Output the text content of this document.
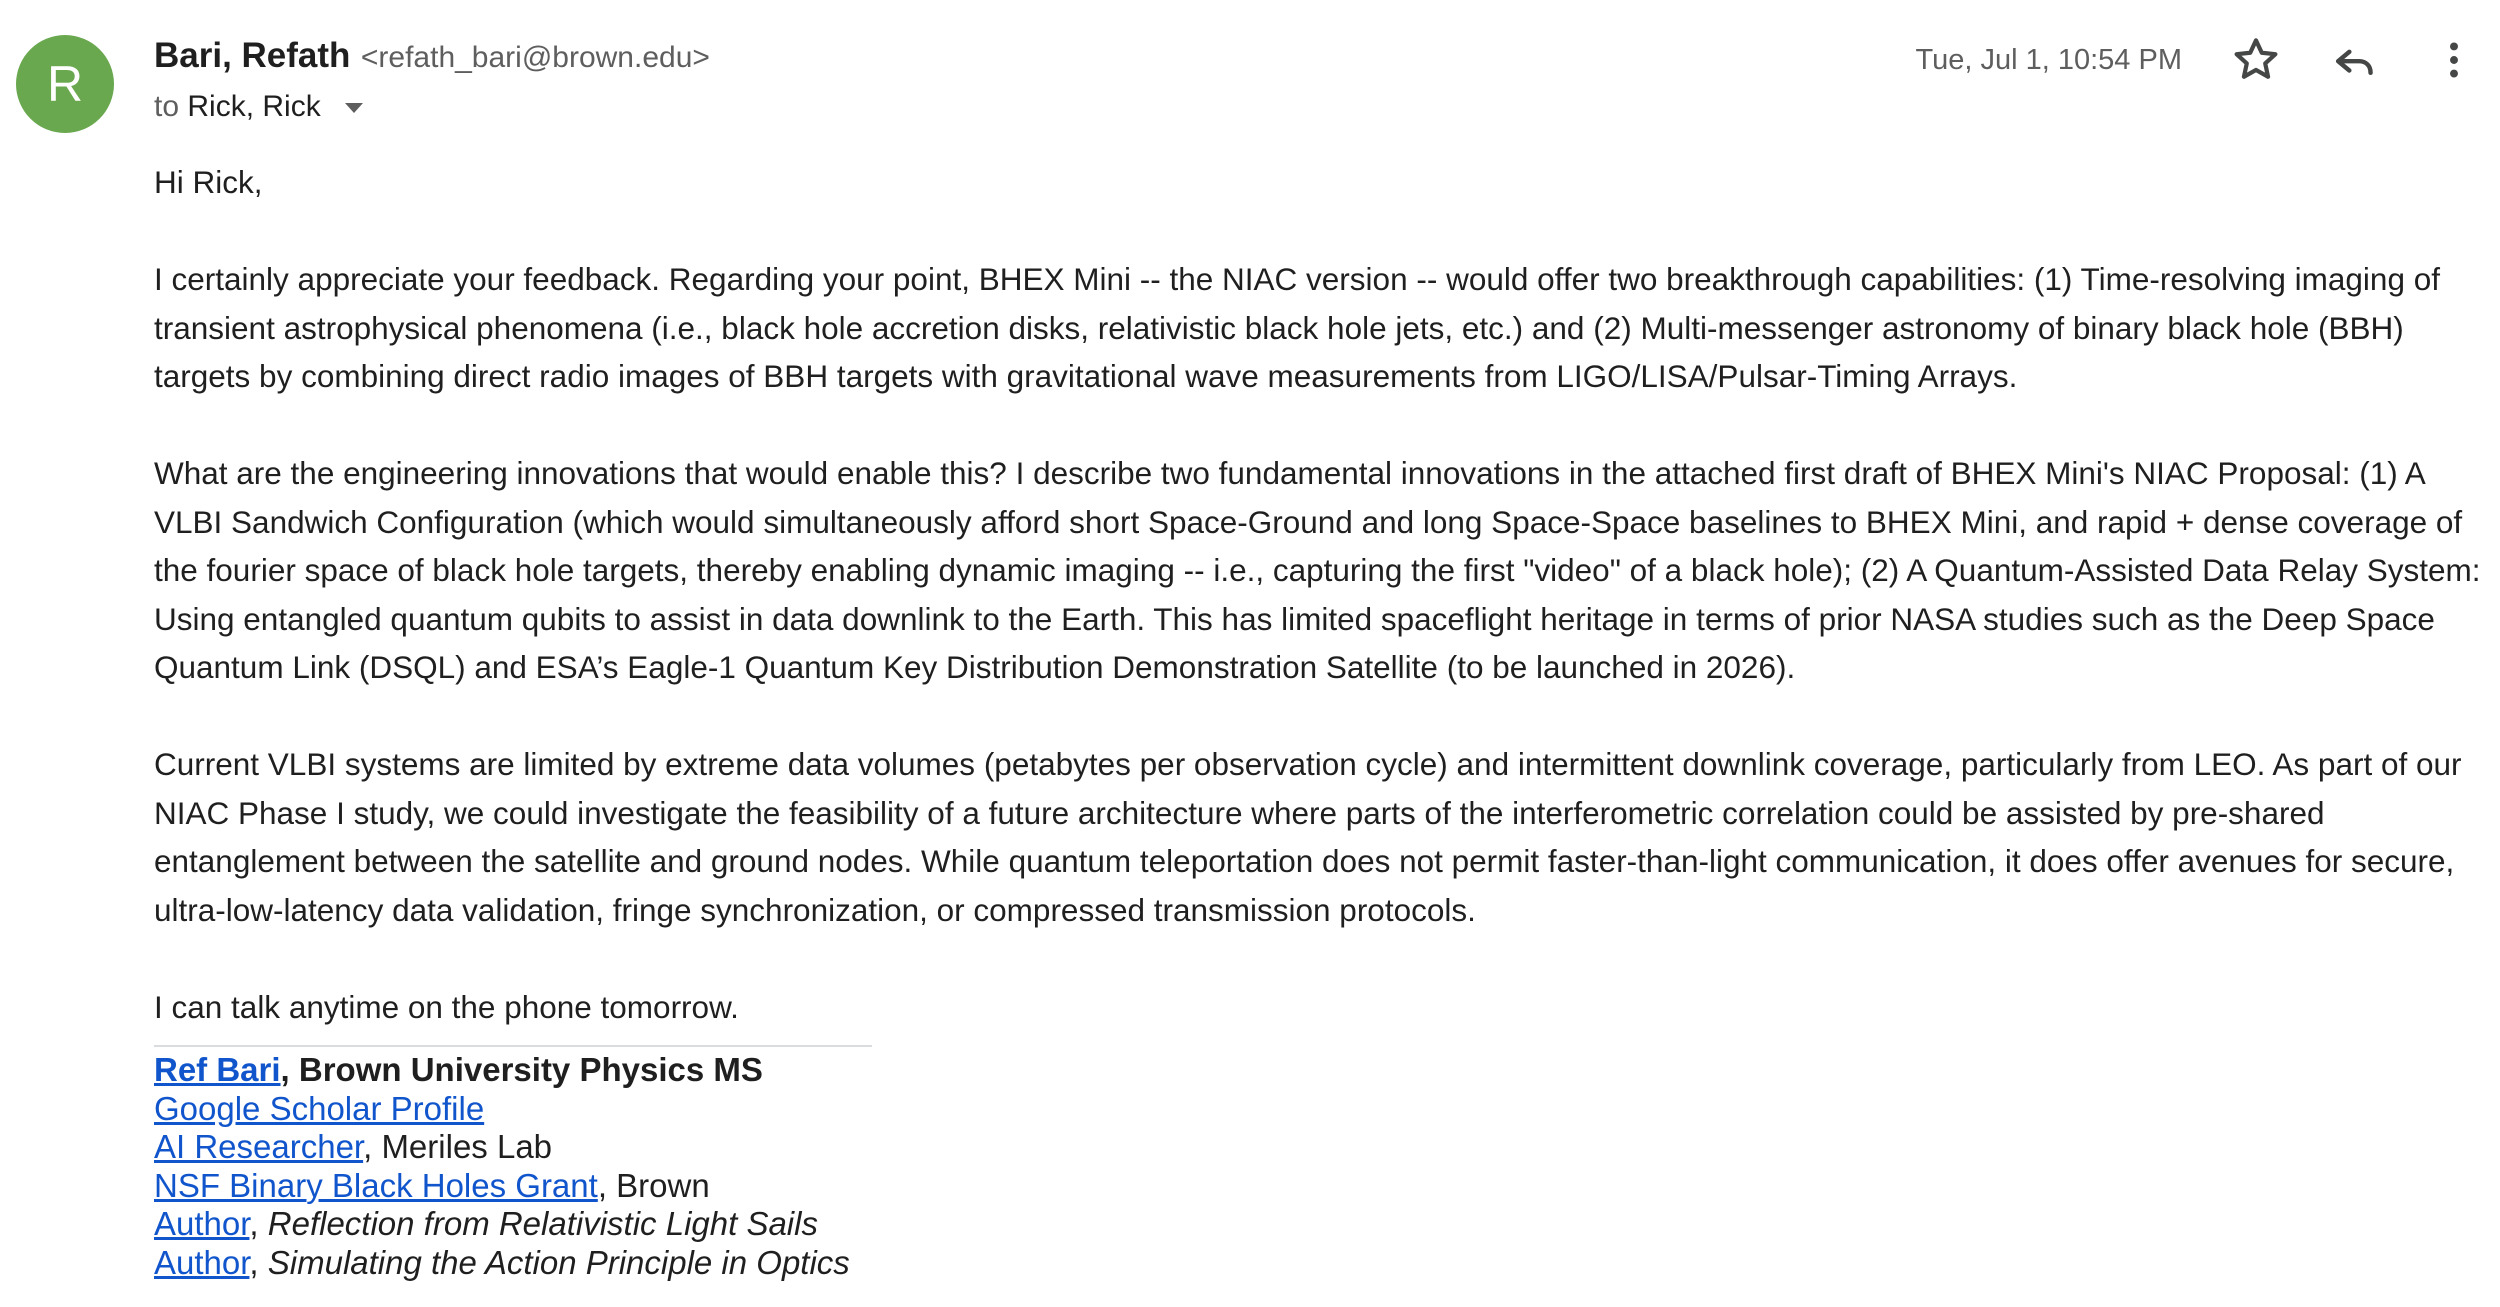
R
Bari, Refath <refath_bari@brown.edu>
to Rick, Rick
Tue, Jul 1, 10:54 PM

Hi Rick,

I certainly appreciate your feedback. Regarding your point, BHEX Mini -- the NIAC version -- would offer two breakthrough capabilities: (1) Time-resolving imaging of transient astrophysical phenomena (i.e., black hole accretion disks, relativistic black hole jets, etc.) and (2) Multi-messenger astronomy of binary black hole (BBH) targets by combining direct radio images of BBH targets with gravitational wave measurements from LIGO/LISA/Pulsar-Timing Arrays.

What are the engineering innovations that would enable this? I describe two fundamental innovations in the attached first draft of BHEX Mini's NIAC Proposal: (1) A VLBI Sandwich Configuration (which would simultaneously afford short Space-Ground and long Space-Space baselines to BHEX Mini, and rapid + dense coverage of the fourier space of black hole targets, thereby enabling dynamic imaging -- i.e., capturing the first "video" of a black hole); (2) A Quantum-Assisted Data Relay System: Using entangled quantum qubits to assist in data downlink to the Earth. This has limited spaceflight heritage in terms of prior NASA studies such as the Deep Space Quantum Link (DSQL) and ESA’s Eagle-1 Quantum Key Distribution Demonstration Satellite (to be launched in 2026).

Current VLBI systems are limited by extreme data volumes (petabytes per observation cycle) and intermittent downlink coverage, particularly from LEO. As part of our NIAC Phase I study, we could investigate the feasibility of a future architecture where parts of the interferometric correlation could be assisted by pre-shared entanglement between the satellite and ground nodes. While quantum teleportation does not permit faster-than-light communication, it does offer avenues for secure, ultra-low-latency data validation, fringe synchronization, or compressed transmission protocols.

I can talk anytime on the phone tomorrow.

Ref Bari, Brown University Physics MS
Google Scholar Profile
AI Researcher, Meriles Lab
NSF Binary Black Holes Grant, Brown
Author, Reflection from Relativistic Light Sails
Author, Simulating the Action Principle in Optics
